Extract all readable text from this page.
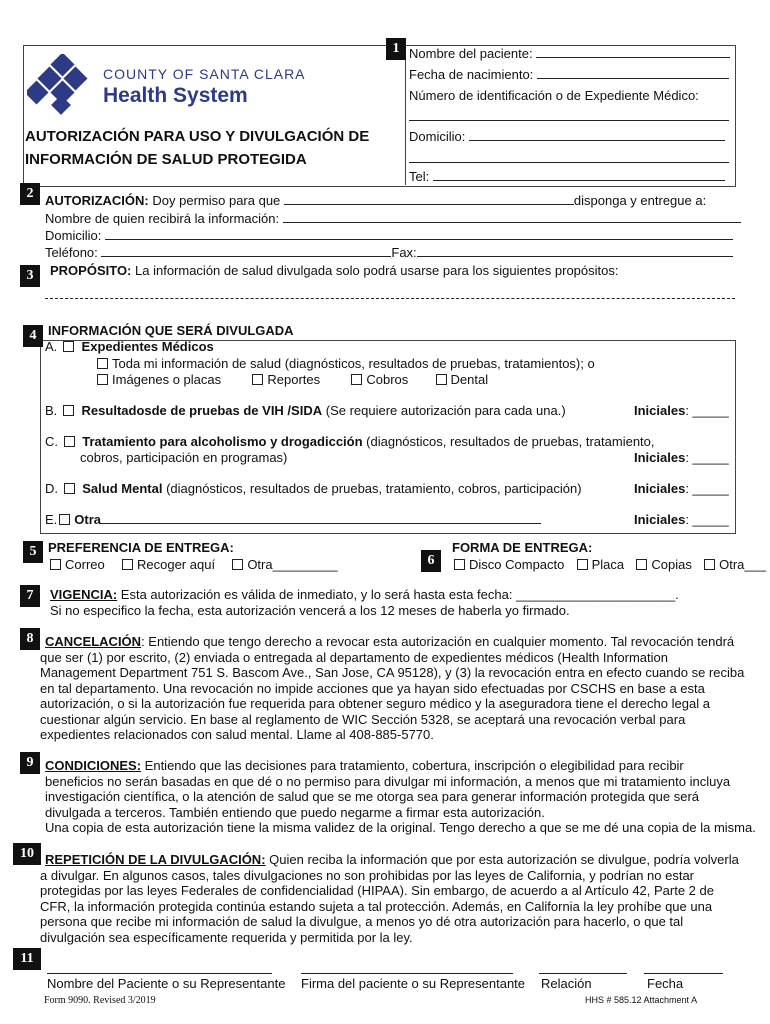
COUNTY OF SANTA CLARA
Health System
AUTORIZACIÓN PARA USO Y DIVULGACIÓN DE
INFORMACIÓN DE SALUD PROTEGIDA
1 Nombre del paciente:
Fecha de nacimiento:
Número de identificación o de Expediente Médico:
Domicilio:
Tel:
2 AUTORIZACIÓN: Doy permiso para que	disponga y entregue a:
Nombre de quien recibirá la información:
Domicilio:
Teléfono:	Fax:
3	PROPÓSITO: La información de salud divulgada solo podrá usarse para los siguientes propósitos:
4 INFORMACIÓN QUE SERÁ DIVULGADA
A. Expedientes Médicos
Toda mi información de salud (diagnósticos, resultados de pruebas, tratamientos); o
Imágenes o placas	Reportes	Cobros	Dental
B. Resultadosde de pruebas de VIH /SIDA (Se requiere autorización para cada una.)	Iniciales: _____
C. Tratamiento para alcoholismo y drogadicción (diagnósticos, resultados de pruebas, tratamiento,
cobros, participación en programas)	Iniciales: _____
D. Salud Mental (diagnósticos, resultados de pruebas, tratamiento, cobros, participación)	Iniciales: _____
E. Otra	Iniciales: _____
5 PREFERENCIA DE ENTREGA:
Correo Recoger aquí Otra_________	6
FORMA DE ENTREGA:
Disco Compacto Placa Copias Otra___
7	VIGENCIA: Esta autorización es válida de inmediato, y lo será hasta esta fecha: ______________________.
Si no especifico la fecha, esta autorización vencerá a los 12 meses de haberla yo firmado.
8 CANCELACIÓN: Entiendo que tengo derecho a revocar esta autorización en cualquier momento. Tal revocación tendrá que ser (1) por escrito, (2) enviada o entregada al departamento de expedientes médicos (Health Information Management Department 751 S. Bascom Ave., San Jose, CA 95128), y (3) la revocación entra en efecto cuando se reciba en tal departamento. Una revocación no impide acciones que ya hayan sido efectuadas por CSCHS en base a esta autorización, o si la autorización fue requerida para obtener seguro médico y la aseguradora tiene el derecho legal a cuestionar algún servicio. En base al reglamento de WIC Sección 5328, se aceptará una revocación verbal para expedientes relacionados con salud mental. Llame al 408-885-5770.
9 CONDICIONES: Entiendo que las decisiones para tratamiento, cobertura, inscripción o elegibilidad para recibir beneficios no serán basadas en que dé o no permiso para divulgar mi información, a menos que mi tratamiento incluya investigación científica, o la atención de salud que se me otorga sea para generar información protegida que será divulgada a terceros. También entiendo que puedo negarme a firmar esta autorización.
Una copia de esta autorización tiene la misma validez de la original. Tengo derecho a que se me dé una copia de la misma.
10 REPETICIÓN DE LA DIVULGACIÓN: Quien reciba la información que por esta autorización se divulgue, podría volverla a divulgar. En algunos casos, tales divulgaciones no son prohibidas por las leyes de California, y podrían no estar protegidas por las leyes Federales de confidencialidad (HIPAA). Sin embargo, de acuerdo a al Artículo 42, Parte 2 de CFR, la información protegida continúa estando sujeta a tal protección. Además, en California la ley prohíbe que una persona que recibe mi información de salud la divulgue, a menos yo dé otra autorización para hacerlo, o que tal divulgación sea específicamente requerida y permitida por la ley.
11
Nombre del Paciente o su Representante Firma del paciente o su Representante Relación	Fecha
Form 9090. Revised 3/2019	HHS # 585.12 Attachment A
